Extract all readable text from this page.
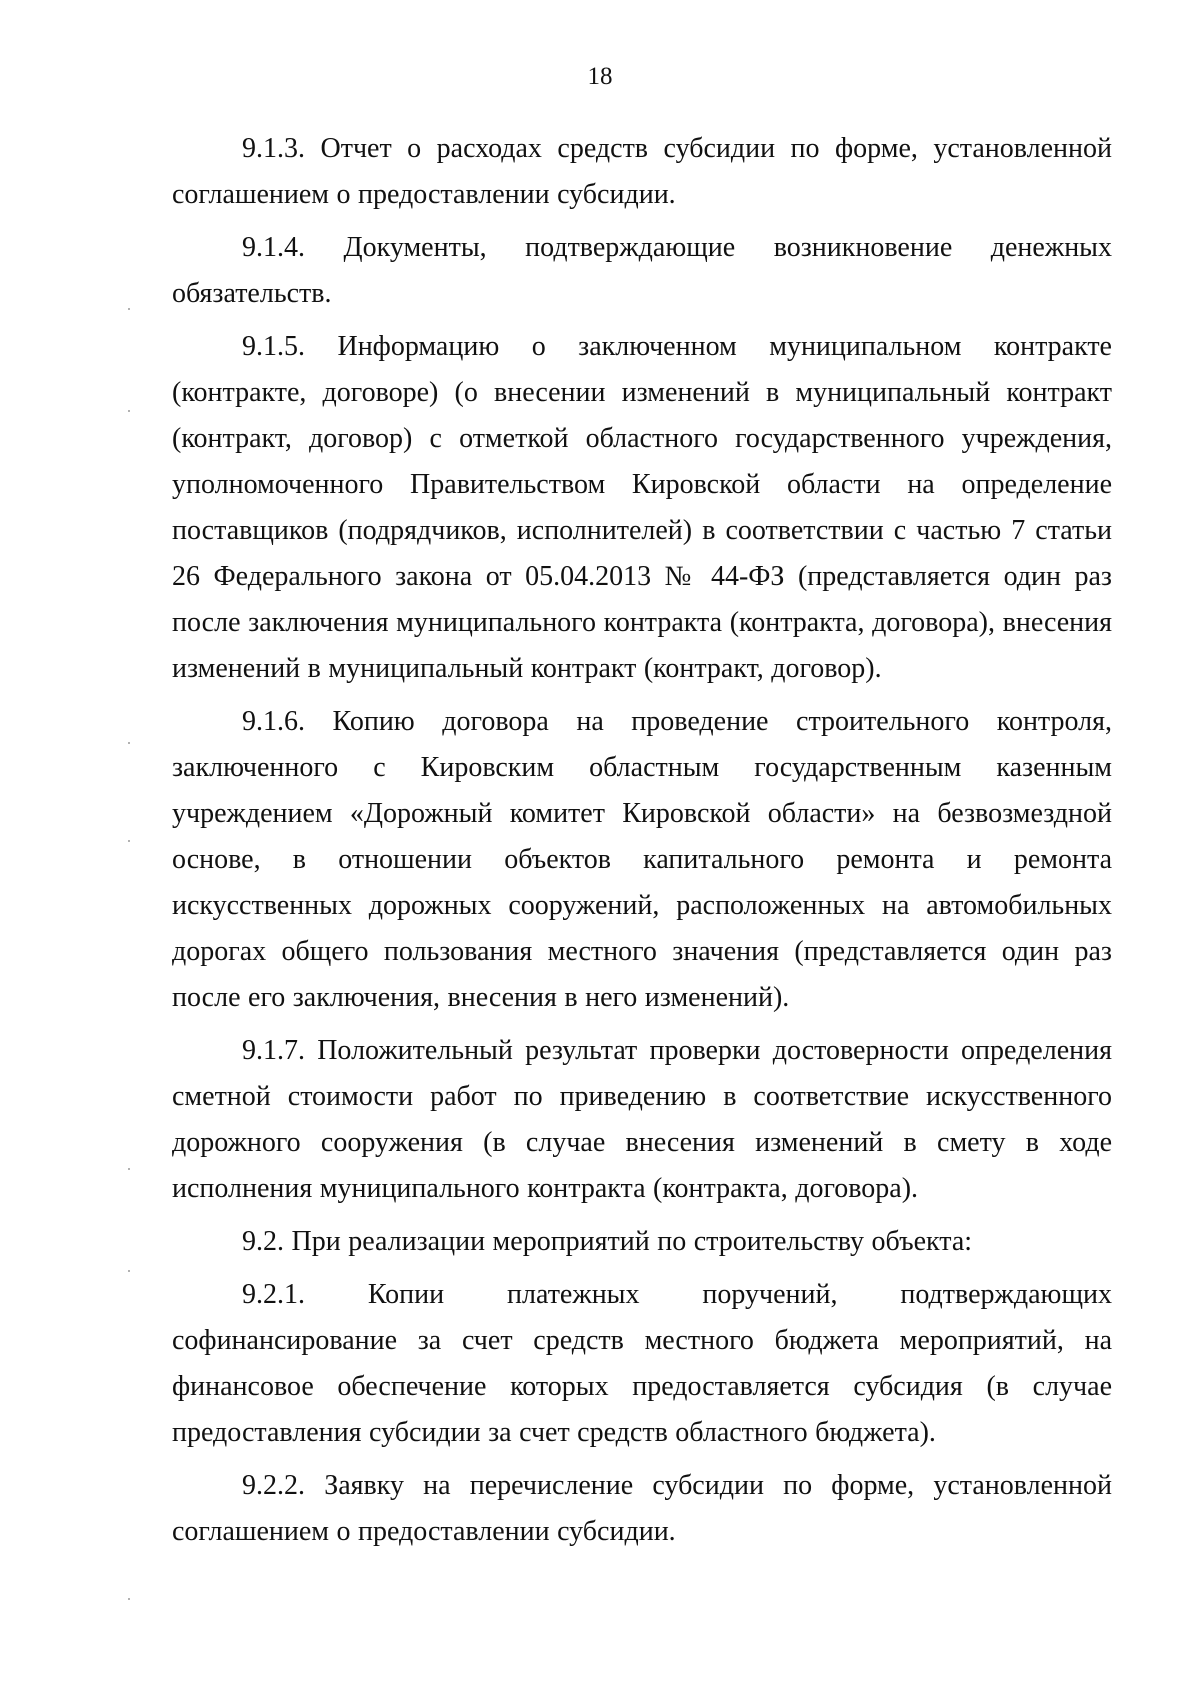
18

9.1.3. Отчет о расходах средств субсидии по форме, установленной соглашением о предоставлении субсидии.

9.1.4. Документы, подтверждающие возникновение денежных обязательств.

9.1.5. Информацию о заключенном муниципальном контракте (контракте, договоре) (о внесении изменений в муниципальный контракт (контракт, договор) с отметкой областного государственного учреждения, уполномоченного Правительством Кировской области на определение поставщиков (подрядчиков, исполнителей) в соответствии с частью 7 статьи 26 Федерального закона от 05.04.2013 № 44-ФЗ (представляется один раз после заключения муниципального контракта (контракта, договора), внесения изменений в муниципальный контракт (контракт, договор).

9.1.6. Копию договора на проведение строительного контроля, заключенного с Кировским областным государственным казенным учреждением «Дорожный комитет Кировской области» на безвозмездной основе, в отношении объектов капитального ремонта и ремонта искусственных дорожных сооружений, расположенных на автомобильных дорогах общего пользования местного значения (представляется один раз после его заключения, внесения в него изменений).

9.1.7. Положительный результат проверки достоверности определения сметной стоимости работ по приведению в соответствие искусственного дорожного сооружения (в случае внесения изменений в смету в ходе исполнения муниципального контракта (контракта, договора).

9.2. При реализации мероприятий по строительству объекта:

9.2.1. Копии платежных поручений, подтверждающих софинансирование за счет средств местного бюджета мероприятий, на финансовое обеспечение которых предоставляется субсидия (в случае предоставления субсидии за счет средств областного бюджета).

9.2.2. Заявку на перечисление субсидии по форме, установленной соглашением о предоставлении субсидии.
